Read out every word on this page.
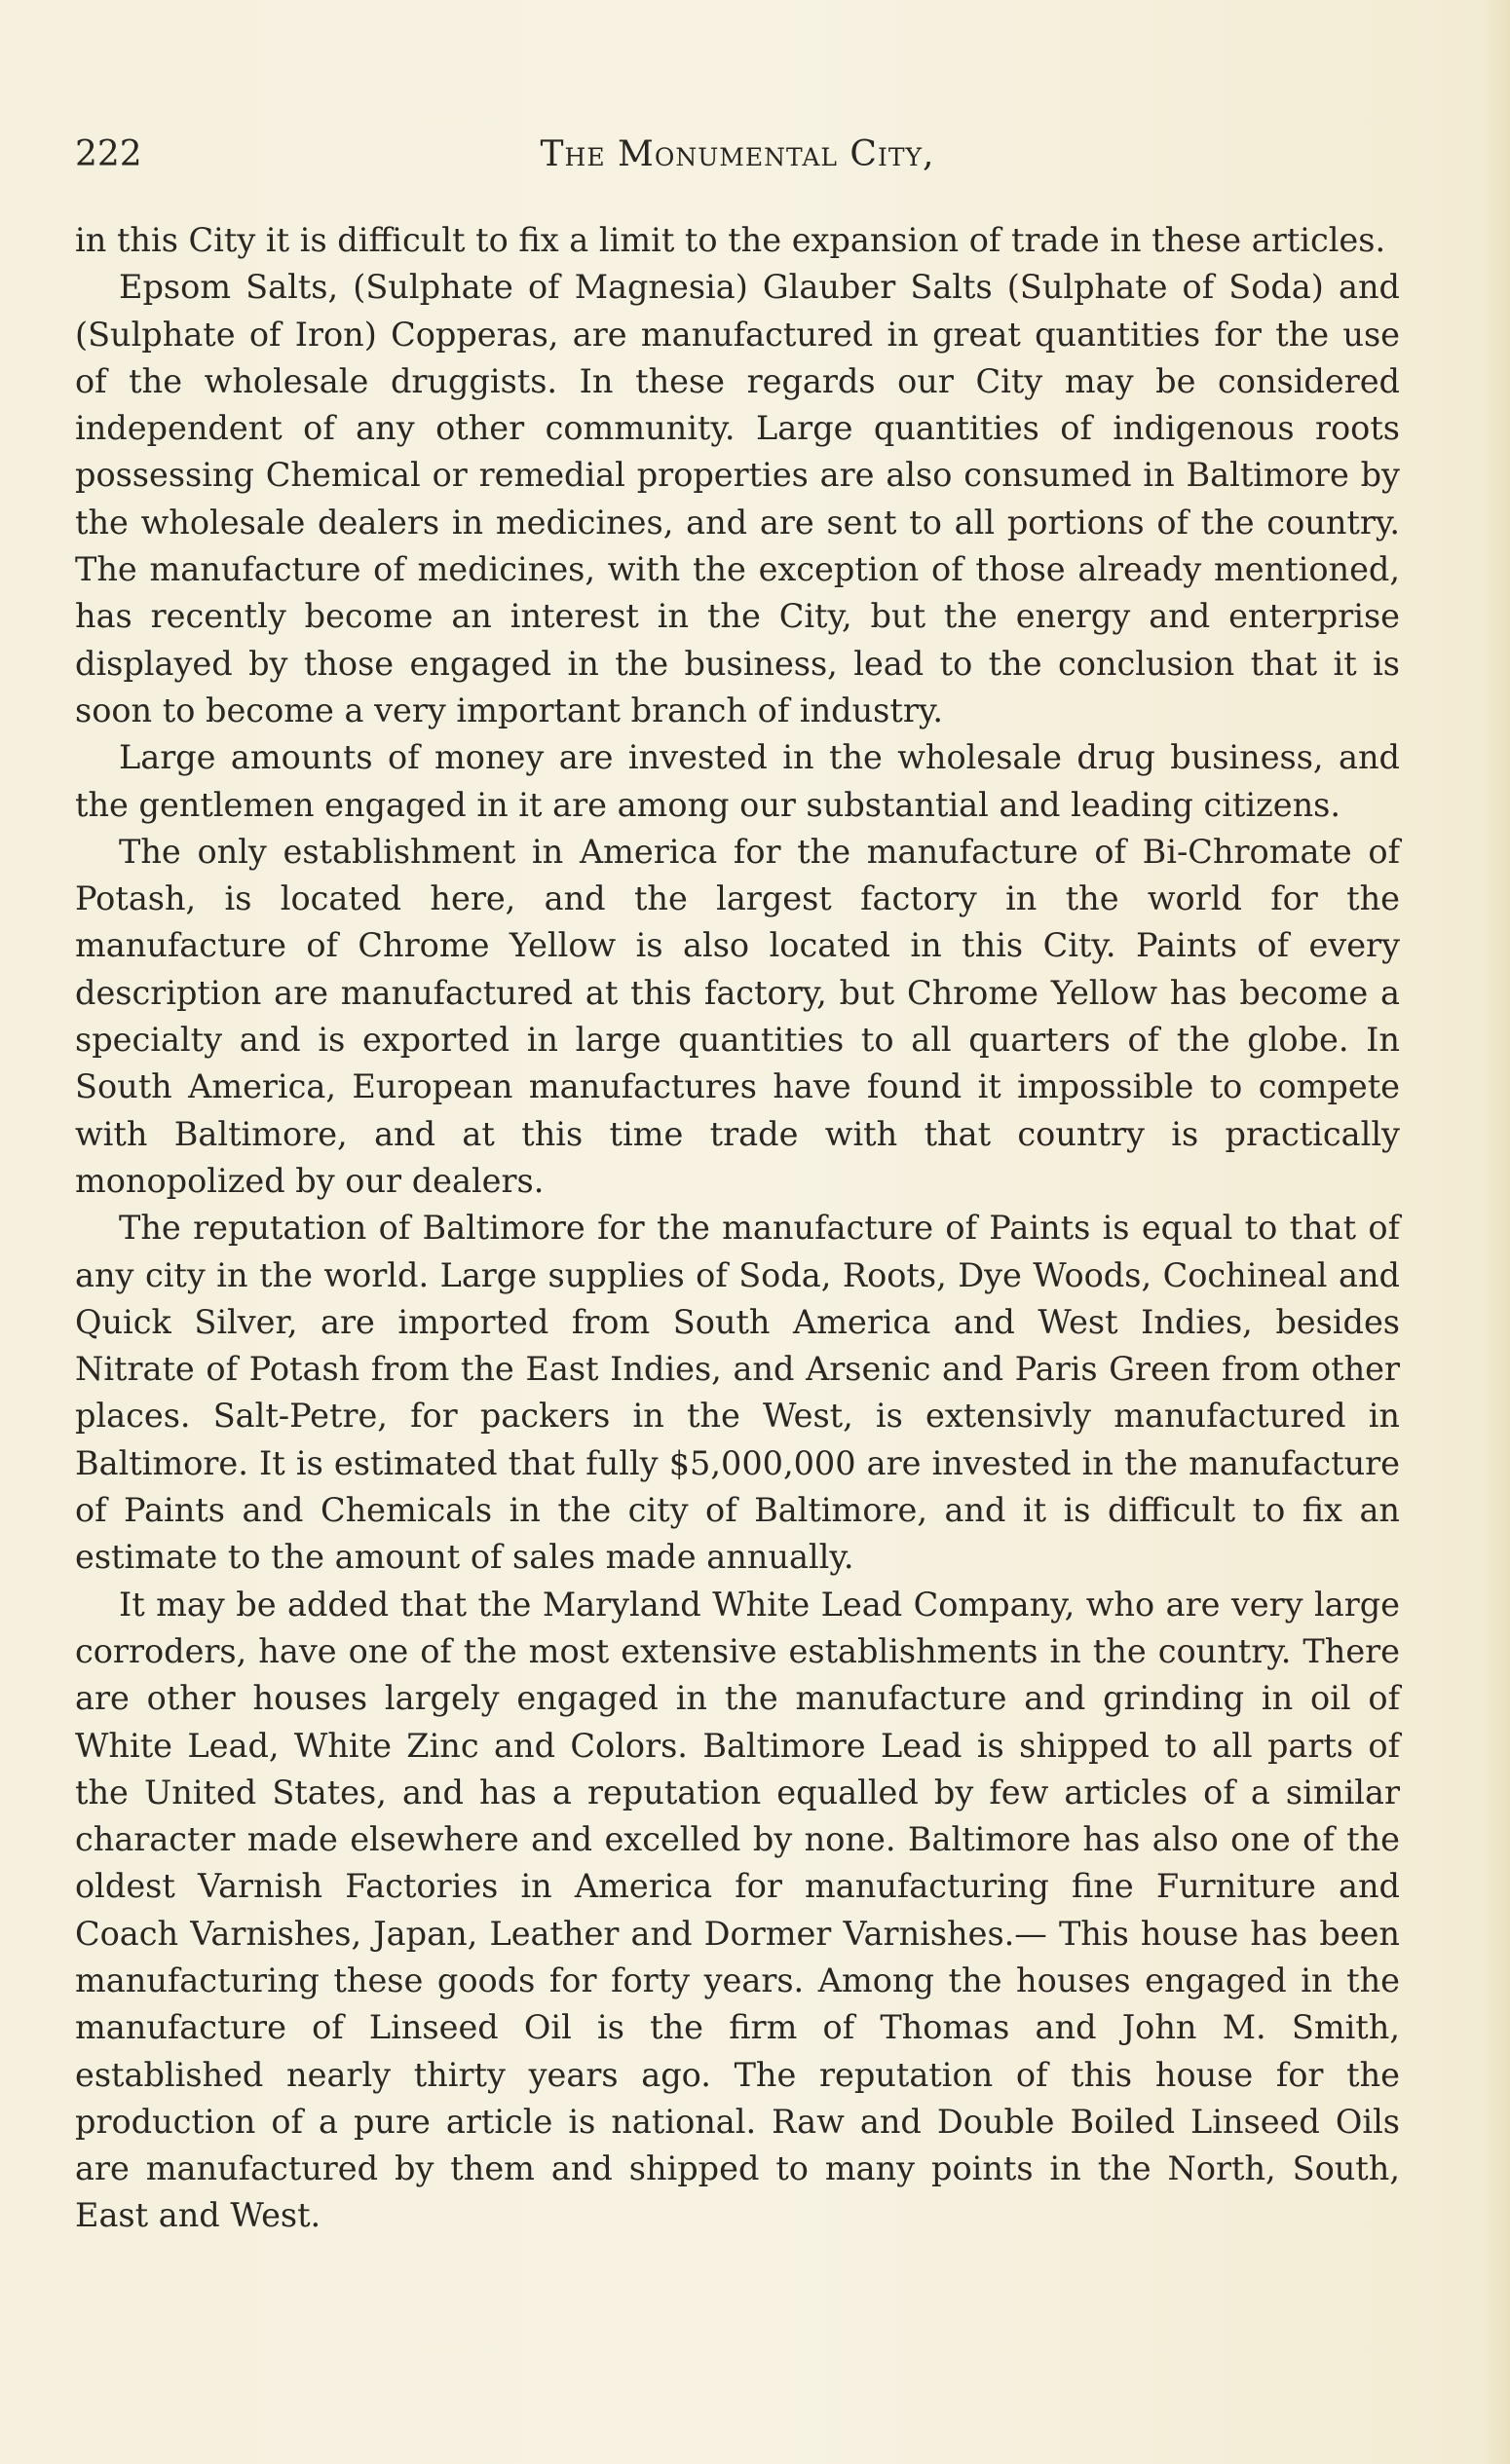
222	The Monumental City,

in this City it is difficult to fix a limit to the expansion of trade in these articles.

Epsom Salts, (Sulphate of Magnesia) Glauber Salts (Sulphate of Soda) and (Sulphate of Iron) Copperas, are manufactured in great quantities for the use of the wholesale druggists. In these regards our City may be considered independent of any other community. Large quantities of indigenous roots possessing Chemical or remedial properties are also consumed in Baltimore by the wholesale dealers in medicines, and are sent to all portions of the country. The manufacture of medicines, with the exception of those already mentioned, has recently become an interest in the City, but the energy and enterprise displayed by those engaged in the business, lead to the conclusion that it is soon to become a very important branch of industry.

Large amounts of money are invested in the wholesale drug business, and the gentlemen engaged in it are among our substantial and leading citizens.

The only establishment in America for the manufacture of Bi-Chromate of Potash, is located here, and the largest factory in the world for the manufacture of Chrome Yellow is also located in this City. Paints of every description are manufactured at this factory, but Chrome Yellow has become a specialty and is exported in large quantities to all quarters of the globe. In South America, European manufactures have found it impossible to compete with Baltimore, and at this time trade with that country is practically monopolized by our dealers.

The reputation of Baltimore for the manufacture of Paints is equal to that of any city in the world. Large supplies of Soda, Roots, Dye Woods, Cochineal and Quick Silver, are imported from South America and West Indies, besides Nitrate of Potash from the East Indies, and Arsenic and Paris Green from other places. Salt-Petre, for packers in the West, is extensivly manufactured in Baltimore. It is estimated that fully $5,000,000 are invested in the manufacture of Paints and Chemicals in the city of Baltimore, and it is difficult to fix an estimate to the amount of sales made annually.

It may be added that the Maryland White Lead Company, who are very large corroders, have one of the most extensive establishments in the country. There are other houses largely engaged in the manufacture and grinding in oil of White Lead, White Zinc and Colors. Baltimore Lead is shipped to all parts of the United States, and has a reputation equalled by few articles of a similar character made elsewhere and excelled by none. Baltimore has also one of the oldest Varnish Factories in America for manufacturing fine Furniture and Coach Varnishes, Japan, Leather and Dormer Varnishes.— This house has been manufacturing these goods for forty years. Among the houses engaged in the manufacture of Linseed Oil is the firm of Thomas and John M. Smith, established nearly thirty years ago. The reputation of this house for the production of a pure article is national. Raw and Double Boiled Linseed Oils are manufactured by them and shipped to many points in the North, South, East and West.
